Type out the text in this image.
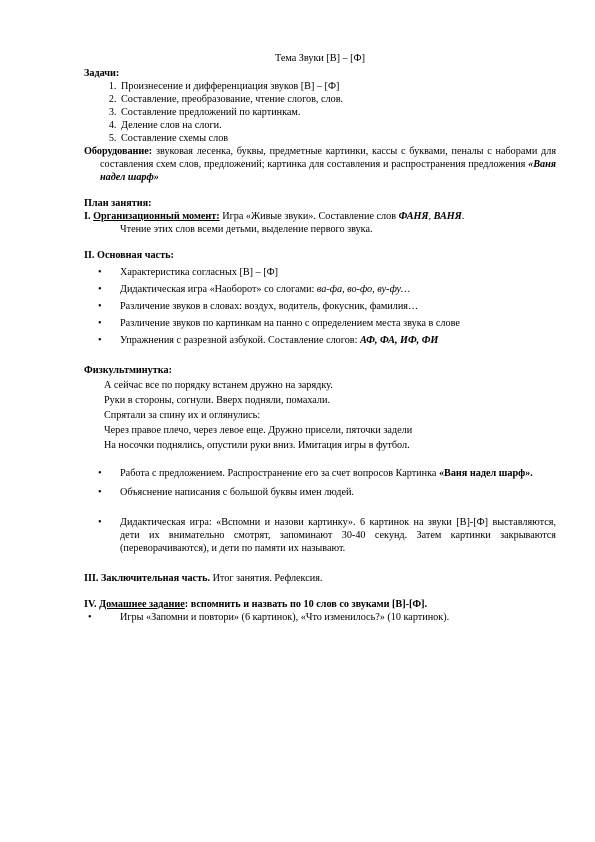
Тема Звуки [В] – [Ф]
Задачи:
1. Произнесение и дифференциация звуков [В] – [Ф]
2. Составление, преобразование, чтение слогов, слов.
3. Составление предложений по картинкам.
4. Деление слов на слоги.
5. Составление схемы слов
Оборудование: звуковая лесенка, буквы, предметные картинки, кассы с буквами, пеналы с наборами для составления схем слов, предложений; картинка для составления и распространения предложения «Ваня надел шарф»
План занятия:
I. Организационный момент: Игра «Живые звуки». Составление слов ФАНЯ, ВАНЯ.
Чтение этих слов всеми детьми, выделение первого звука.
II. Основная часть:
• Характеристика согласных [В] – [Ф]
• Дидактическая игра «Наоборот» со слогами: ва-фа, во-фо, ву-фу…
• Различение звуков в словах: воздух, водитель, фокусник, фамилия…
• Различение звуков по картинкам на панно с определением места звука в слове
• Упражнения с разрезной азбукой. Составление слогов: АФ, ФА, ИФ, ФИ
Физкультминутка:
А сейчас все по порядку встанем дружно на зарядку.
Руки в стороны, согнули. Вверх подняли, помахали.
Спрятали за спину их и оглянулись:
Через правое плечо, через левое еще. Дружно присели, пяточки задели
На носочки поднялись, опустили руки вниз. Имитация игры в футбол.
• Работа с предложением. Распространение его за счет вопросов Картинка «Ваня надел шарф».
• Объяснение написания с большой буквы имен людей.
• Дидактическая игра: «Вспомни и назови картинку». 6 картинок на звуки [В]-[Ф] выставляются, дети их внимательно смотрят, запоминают 30-40 секунд. Затем картинки закрываются (переворачиваются), и дети по памяти их называют.
III. Заключительная часть. Итог занятия. Рефлексия.
IV. Домашнее задание: вспомнить и назвать по 10 слов со звуками [В]-[Ф].
• Игры «Запомни и повтори» (6 картинок), «Что изменилось?» (10 картинок).
